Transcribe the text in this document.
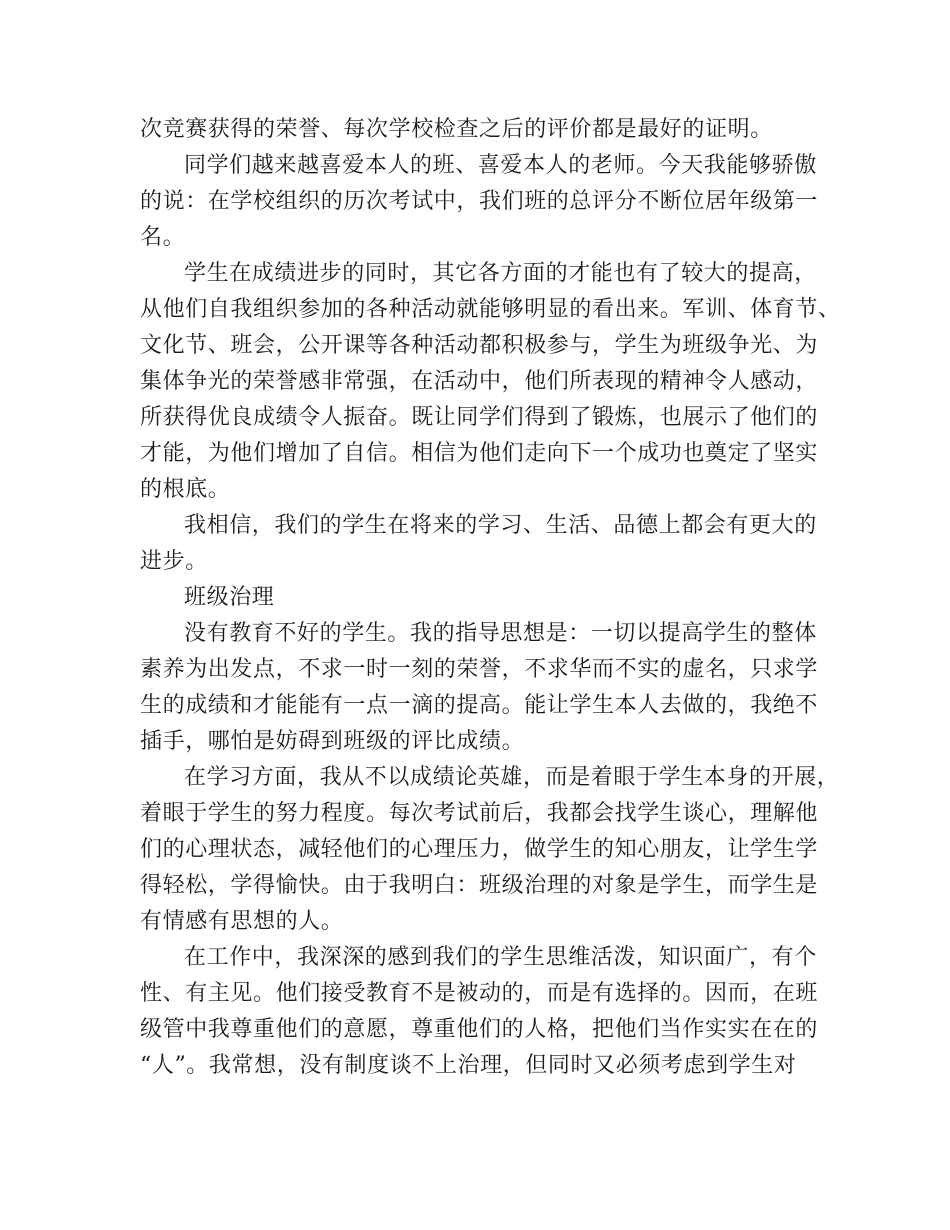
次竞赛获得的荣誉、每次学校检查之后的评价都是最好的证明。
同学们越来越喜爱本人的班、喜爱本人的老师。今天我能够骄傲
的说：在学校组织的历次考试中，我们班的总评分不断位居年级第一
名。
学生在成绩进步的同时，其它各方面的才能也有了较大的提高，
从他们自我组织参加的各种活动就能够明显的看出来。军训、体育节、
文化节、班会，公开课等各种活动都积极参与，学生为班级争光、为
集体争光的荣誉感非常强，在活动中，他们所表现的精神令人感动，
所获得优良成绩令人振奋。既让同学们得到了锻炼，也展示了他们的
才能，为他们增加了自信。相信为他们走向下一个成功也奠定了坚实
的根底。
我相信，我们的学生在将来的学习、生活、品德上都会有更大的
进步。
班级治理
没有教育不好的学生。我的指导思想是：一切以提高学生的整体
素养为出发点，不求一时一刻的荣誉，不求华而不实的虚名，只求学
生的成绩和才能能有一点一滴的提高。能让学生本人去做的，我绝不
插手，哪怕是妨碍到班级的评比成绩。
在学习方面，我从不以成绩论英雄，而是着眼于学生本身的开展，
着眼于学生的努力程度。每次考试前后，我都会找学生谈心，理解他
们的心理状态，减轻他们的心理压力，做学生的知心朋友，让学生学
得轻松，学得愉快。由于我明白：班级治理的对象是学生，而学生是
有情感有思想的人。
在工作中，我深深的感到我们的学生思维活泼，知识面广，有个
性、有主见。他们接受教育不是被动的，而是有选择的。因而，在班
级管中我尊重他们的意愿，尊重他们的人格，把他们当作实实在在的
“人”。我常想，没有制度谈不上治理，但同时又必须考虑到学生对
